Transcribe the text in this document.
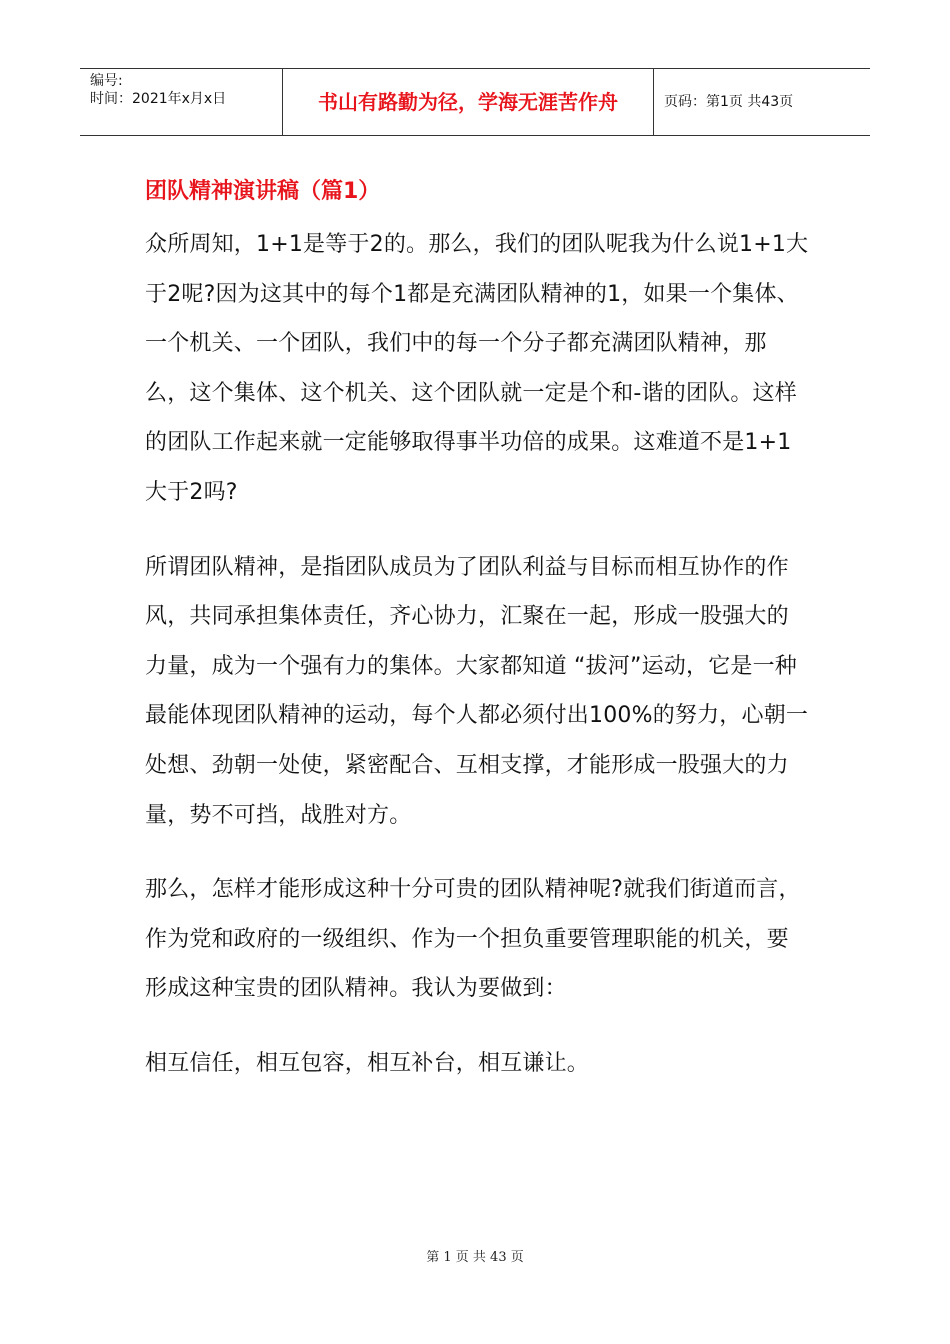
编号:
时间：2021年x月x日	书山有路勤为径，学海无涯苦作舟	页码：第1页 共43页
团队精神演讲稿（篇1）

众所周知，1+1是等于2的。那么，我们的团队呢我为什么说1+1大于2呢?因为这其中的每个1都是充满团队精神的1，如果一个集体、一个机关、一个团队，我们中的每一个分子都充满团队精神，那么，这个集体、这个机关、这个团队就一定是个和-谐的团队。这样的团队工作起来就一定能够取得事半功倍的成果。这难道不是1+1大于2吗?

所谓团队精神，是指团队成员为了团队利益与目标而相互协作的作风，共同承担集体责任，齐心协力，汇聚在一起，形成一股强大的力量，成为一个强有力的集体。大家都知道 “拔河”运动，它是一种最能体现团队精神的运动，每个人都必须付出100%的努力，心朝一处想、劲朝一处使，紧密配合、互相支撑，才能形成一股强大的力量，势不可挡，战胜对方。

那么，怎样才能形成这种十分可贵的团队精神呢?就我们街道而言，作为党和政府的一级组织、作为一个担负重要管理职能的机关，要形成这种宝贵的团队精神。我认为要做到：

相互信任，相互包容，相互补台，相互谦让。

第 1 页 共 43 页
